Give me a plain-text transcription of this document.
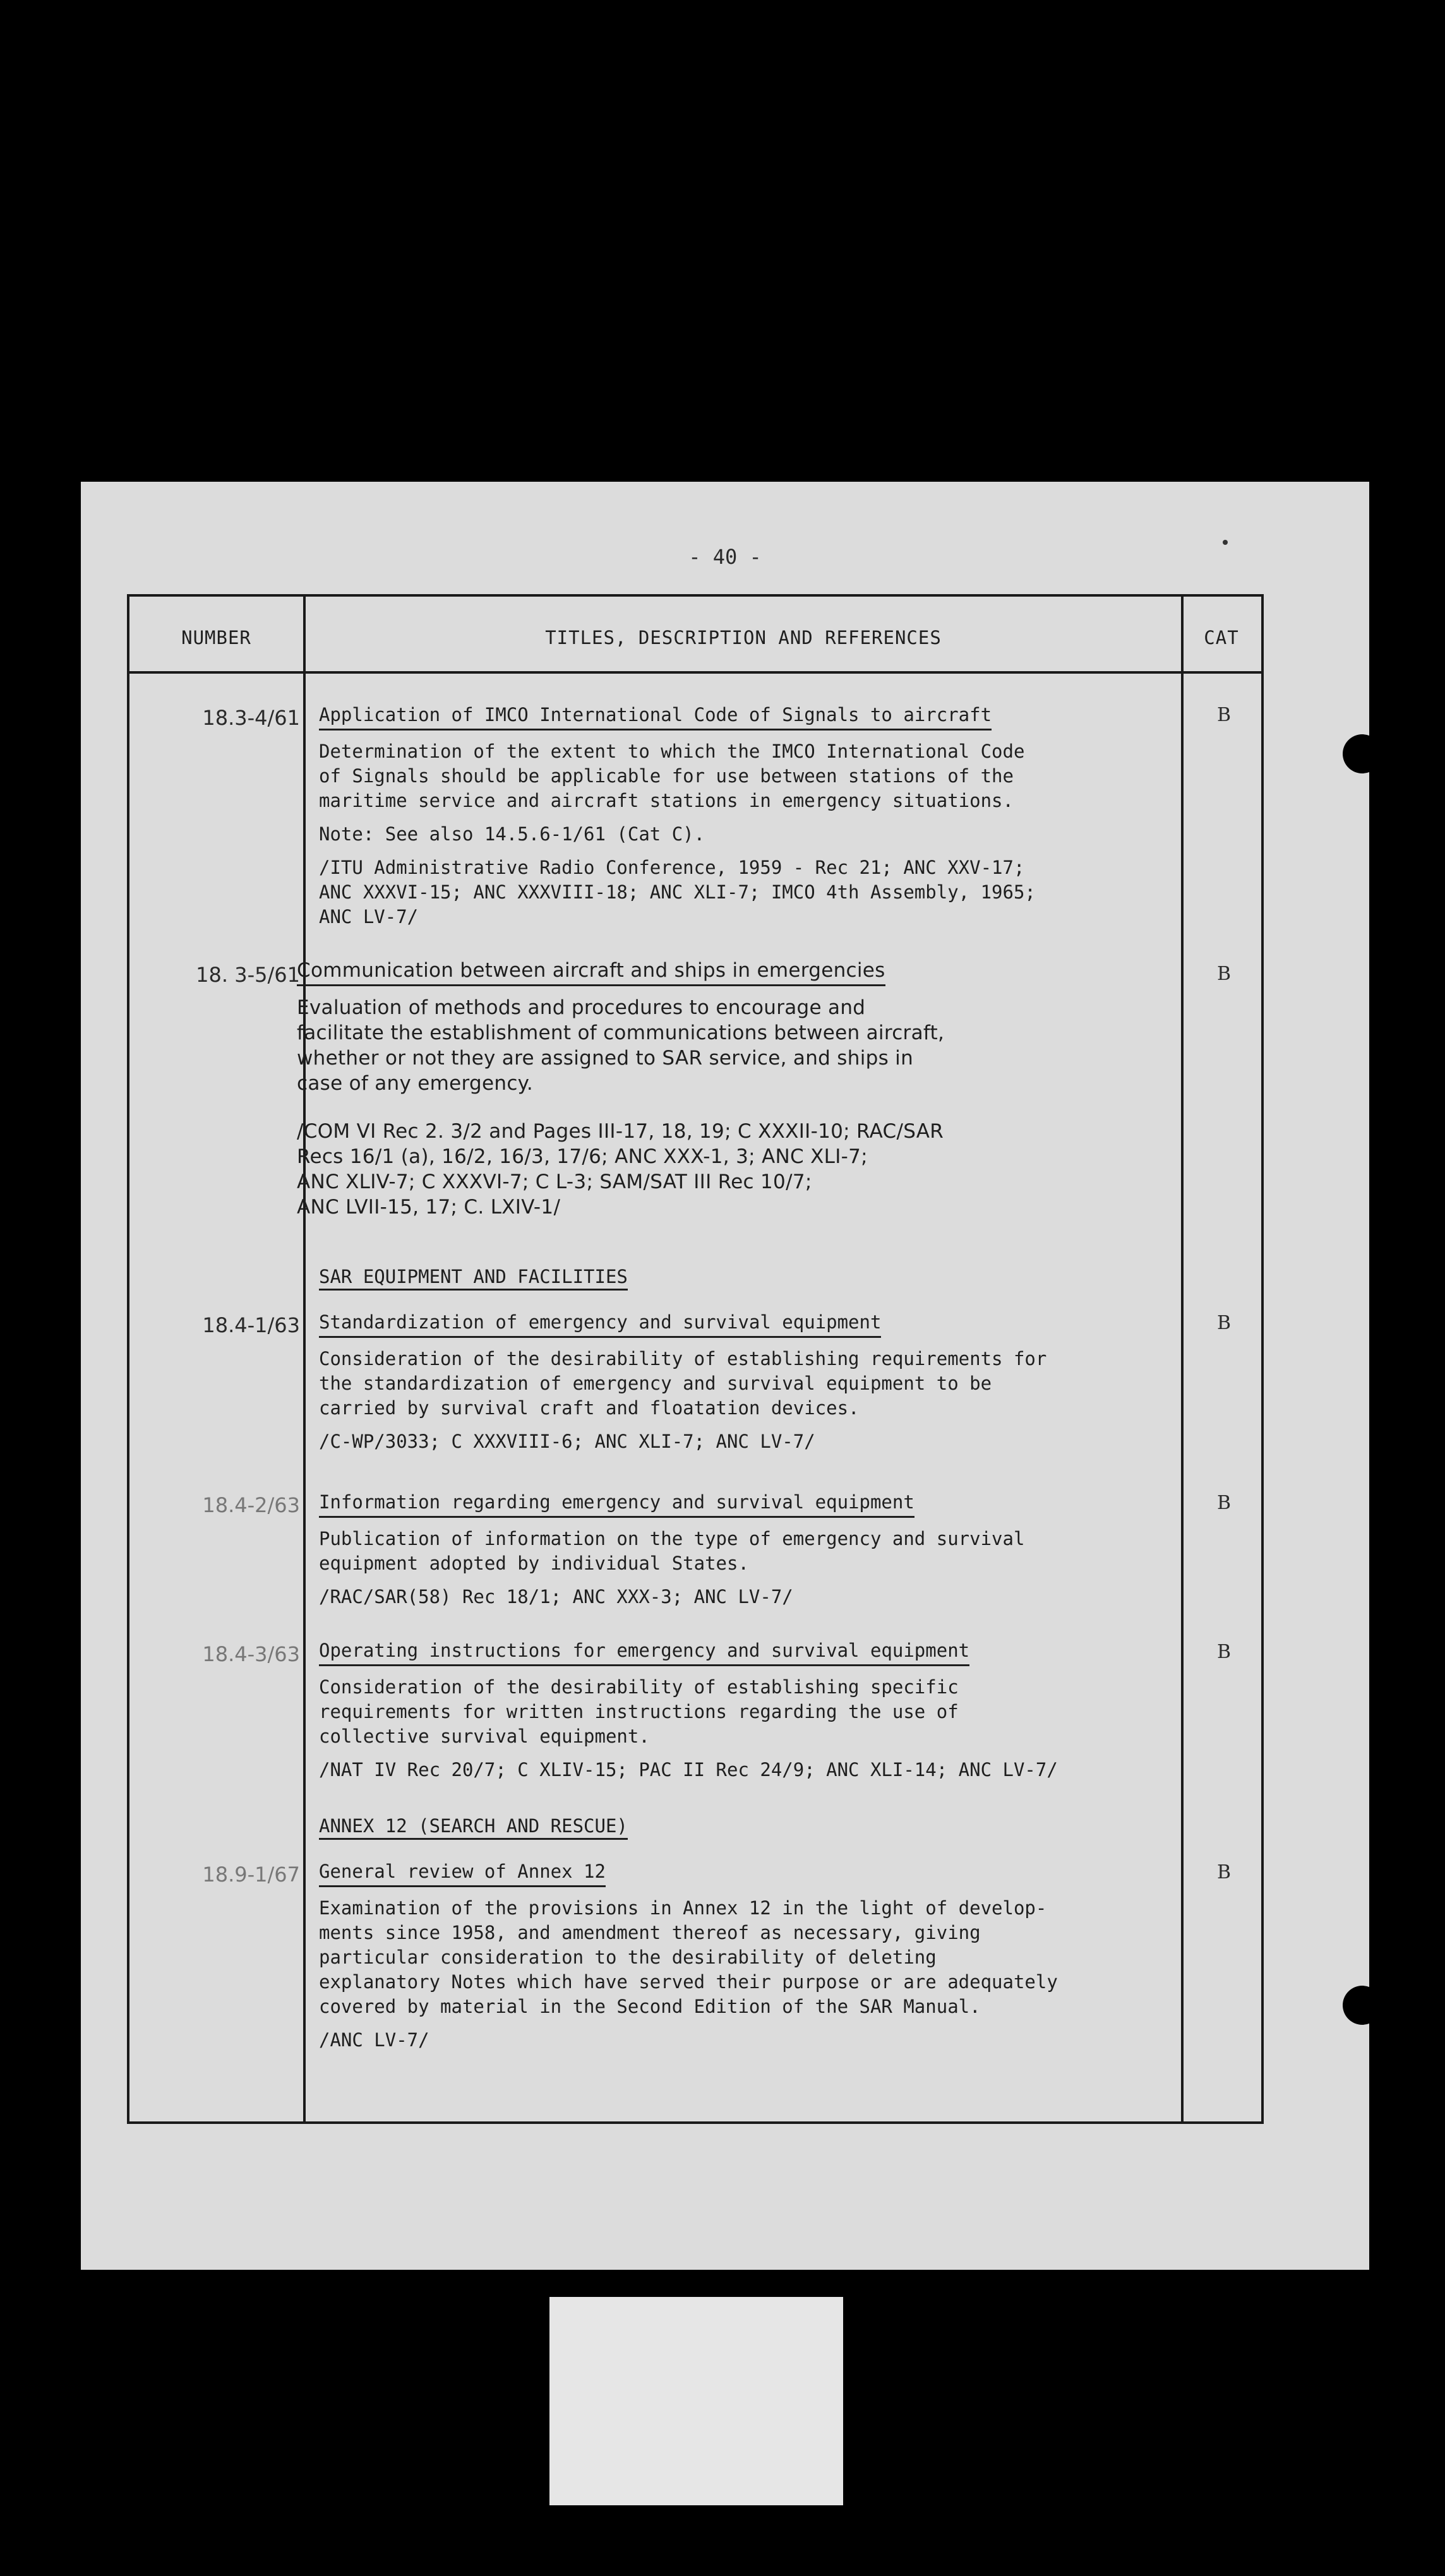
- 40 -
NUMBER	TITLES, DESCRIPTION AND REFERENCES	CAT
18.3-4/61	B
Application of IMCO International Code of Signals to aircraft

Determination of the extent to which the IMCO International Code
of Signals should be applicable for use between stations of the
maritime service and aircraft stations in emergency situations.

Note: See also 14.5.6-1/61 (Cat C).

/ITU Administrative Radio Conference, 1959 - Rec 21; ANC XXV-17;
ANC XXXVI-15; ANC XXXVIII-18; ANC XLI-7; IMCO 4th Assembly, 1965;
ANC LV-7/

18. 3-5/61	B
Communication between aircraft and ships in emergencies

Evaluation of methods and procedures to encourage and
facilitate the establishment of communications between aircraft,
whether or not they are assigned to SAR service, and ships in
case of any emergency.

/COM VI Rec 2. 3/2 and Pages III-17, 18, 19; C XXXII-10; RAC/SAR
Recs 16/1 (a), 16/2, 16/3, 17/6; ANC XXX-1, 3; ANC XLI-7;
ANC XLIV-7; C XXXVI-7; C L-3; SAM/SAT III Rec 10/7;
ANC LVII-15, 17; C. LXIV-1/

SAR EQUIPMENT AND FACILITIES
18.4-1/63	B
Standardization of emergency and survival equipment

Consideration of the desirability of establishing requirements for
the standardization of emergency and survival equipment to be
carried by survival craft and floatation devices.

/C-WP/3033; C XXXVIII-6; ANC XLI-7; ANC LV-7/

18.4-2/63	B
Information regarding emergency and survival equipment

Publication of information on the type of emergency and survival
equipment adopted by individual States.

/RAC/SAR(58) Rec 18/1; ANC XXX-3; ANC LV-7/

18.4-3/63	B
Operating instructions for emergency and survival equipment

Consideration of the desirability of establishing specific
requirements for written instructions regarding the use of
collective survival equipment.

/NAT IV Rec 20/7; C XLIV-15; PAC II Rec 24/9; ANC XLI-14; ANC LV-7/

ANNEX 12 (SEARCH AND RESCUE)
18.9-1/67	B
General review of Annex 12

Examination of the provisions in Annex 12 in the light of develop-
ments since 1958, and amendment thereof as necessary, giving
particular consideration to the desirability of deleting
explanatory Notes which have served their purpose or are adequately
covered by material in the Second Edition of the SAR Manual.

/ANC LV-7/
